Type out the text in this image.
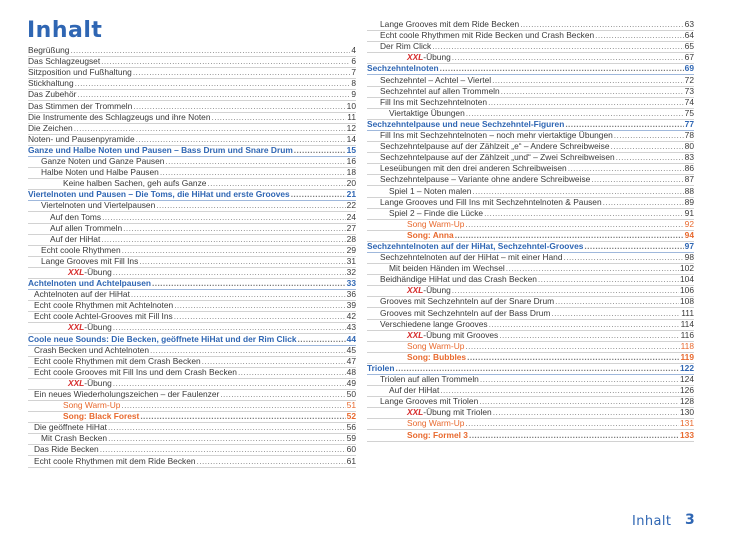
Inhalt
Begrüßung .....	4
Das Schlagzeugset .....	6
Sitzposition und Fußhaltung .....	7
Stickhaltung .....	8
Das Zubehör .....	9
Das Stimmen der Trommeln .....	10
Die Instrumente des Schlagzeugs und ihre Noten .....	11
Die Zeichen .....	12
Noten- und Pausenpyramide .....	14
Ganze und Halbe Noten und Pausen – Bass Drum und Snare Drum .....	15
Ganze Noten und Ganze Pausen .....	16
Halbe Noten und Halbe Pausen .....	18
Keine halben Sachen, geh aufs Ganze .....	20
Viertelnoten und Pausen – Die Toms, die HiHat und erste Grooves .....	21
Viertelnoten und Viertelpausen .....	22
Auf den Toms .....	24
Auf allen Trommeln .....	27
Auf der HiHat .....	28
Echt coole Rhythmen .....	29
Lange Grooves mit Fill Ins .....	31
XXL-Übung .....	32
Achtelnoten und Achtelpausen .....	33
Achtelnoten auf der HiHat .....	36
Echt coole Rhythmen mit Achtelnoten .....	39
Echt coole Achtel-Grooves mit Fill Ins .....	42
XXL-Übung .....	43
Coole neue Sounds: Die Becken, geöffnete HiHat und der Rim Click .....	44
Crash Becken und Achtelnoten .....	45
Echt coole Rhythmen mit dem Crash Becken .....	47
Echt coole Grooves mit Fill Ins und dem Crash Becken .....	48
XXL-Übung .....	49
Ein neues Wiederholungszeichen – der Faulenzer .....	50
Song Warm-Up .....	51
Song: Black Forest .....	52
Die geöffnete HiHat .....	56
Mit Crash Becken .....	59
Das Ride Becken .....	60
Echt coole Rhythmen mit dem Ride Becken .....	61
Lange Grooves mit dem Ride Becken .....	63
Echt coole Rhythmen mit Ride Becken und Crash Becken .....	64
Der Rim Click .....	65
XXL-Übung .....	67
Sechzehntelnoten .....	69
Sechzehntel – Achtel – Viertel .....	72
Sechzehntel auf allen Trommeln .....	73
Fill Ins mit Sechzehntelnoten .....	74
Viertaktige Übungen .....	75
Sechzehntelpause und neue Sechzehntel-Figuren .....	77
Fill Ins mit Sechzehntelnoten – noch mehr viertaktige Übungen .....	78
Sechzehntelpause auf der Zählzeit „e“ – Andere Schreibweise .....	80
Sechzehntelpause auf der Zählzeit „und“ – Zwei Schreibweisen .....	83
Leseübungen mit den drei anderen Schreibweisen .....	86
Sechzehntelpause – Variante ohne andere Schreibweise .....	87
Spiel 1 – Noten malen .....	88
Lange Grooves und Fill Ins mit Sechzehntelnoten & Pausen .....	89
Spiel 2 – Finde die Lücke .....	91
Song Warm-Up .....	92
Song: Anna .....	94
Sechzehntelnoten auf der HiHat, Sechzehntel-Grooves .....	97
Sechzehntelnoten auf der HiHat – mit einer Hand .....	98
Mit beiden Händen im Wechsel .....	102
Beidhändige HiHat und das Crash Becken .....	104
XXL-Übung .....	106
Grooves mit Sechzehnteln auf der Snare Drum .....	108
Grooves mit Sechzehnteln auf der Bass Drum .....	111
Verschiedene lange Grooves .....	114
XXL-Übung mit Grooves .....	116
Song Warm-Up .....	118
Song: Bubbles .....	119
Triolen .....	122
Triolen auf allen Trommeln .....	124
Auf der HiHat .....	126
Lange Grooves mit Triolen .....	128
XXL-Übung mit Triolen .....	130
Song Warm-Up .....	131
Song: Formel 3 .....	133
Inhalt 3
